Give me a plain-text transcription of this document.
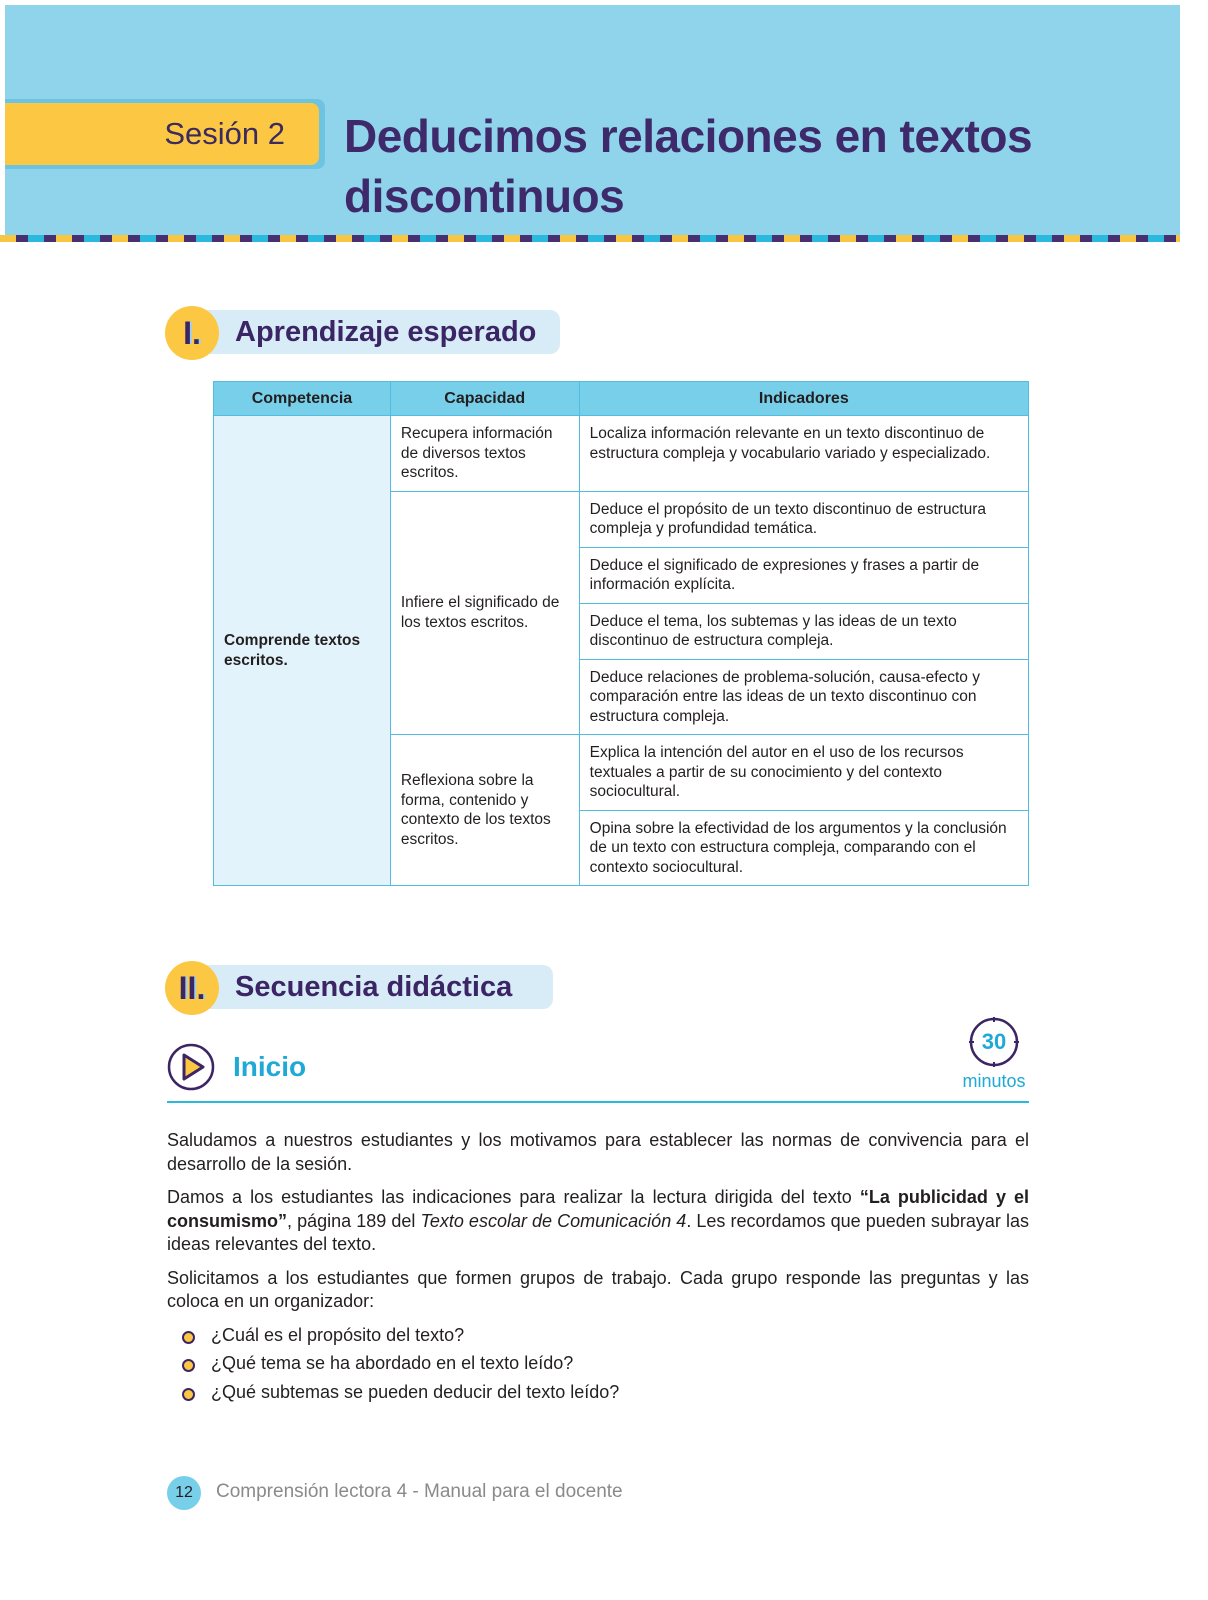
Sesión 2 Deducimos relaciones en textos discontinuos
Aprendizaje esperado
I.
Competencia	Capacidad	Indicadores
Comprende textos escritos.	Recupera información de diversos textos escritos.	Localiza información relevante en un texto discontinuo de estructura compleja y vocabulario variado y especializado.
	Infiere el significado de los textos escritos.	Deduce el propósito de un texto discontinuo de estructura compleja y profundidad temática.
		Deduce el significado de expresiones y frases a partir de información explícita.
		Deduce el tema, los subtemas y las ideas de un texto discontinuo de estructura compleja.
		Deduce relaciones de problema-solución, causa-efecto y comparación entre las ideas de un texto discontinuo con estructura compleja.
	Reflexiona sobre la forma, contenido y contexto de los textos escritos.	Explica la intención del autor en el uso de los recursos textuales a partir de su conocimiento y del contexto sociocultural.
		Opina sobre la efectividad de los argumentos y la conclusión de un texto con estructura compleja, comparando con el contexto sociocultural.
Secuencia didáctica
II.
Inicio
30
minutos

Saludamos a nuestros estudiantes y los motivamos para establecer las normas de convivencia para el desarrollo de la sesión.

Damos a los estudiantes las indicaciones para realizar la lectura dirigida del texto “La publicidad y el consumismo”, página 189 del Texto escolar de Comunicación 4. Les recordamos que pueden subrayar las ideas relevantes del texto.

Solicitamos a los estudiantes que formen grupos de trabajo. Cada grupo responde las preguntas y las coloca en un organizador:

¿Cuál es el propósito del texto?
¿Qué tema se ha abordado en el texto leído?
¿Qué subtemas se pueden deducir del texto leído?
12	Comprensión lectora 4 - Manual para el docente
